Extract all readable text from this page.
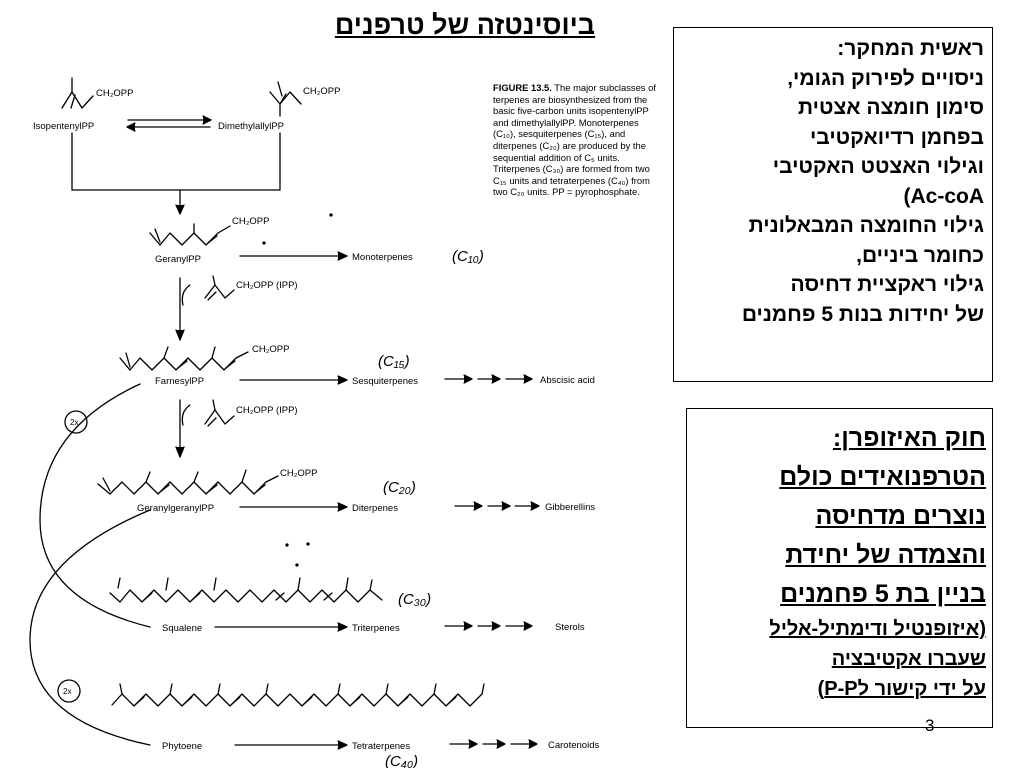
ביוסינטזה של טרפנים
CH₂OPP	CH₂OPP
IsopentenylPP	DimethylallylPP
CH₂OPP
GeranylPP	Monoterpenes
CH₂OPP (IPP)
CH₂OPP
FarnesylPP	Sesquiterpenes	Abscisic acid
CH₂OPP (IPP)
CH₂OPP
GeranylgeranylPP	Diterpenes	Gibberellins
Squalene	Triterpenes	Sterols
Phytoene	Tetraterpenes	Carotenoids
2x
2x
(C₁₀)
(C₁₅)
(C₂₀)
(C₃₀)
(C₄₀)
FIGURE 13.5. The major subclasses of
terpenes are biosynthesized from the
basic five-carbon units isopentenylPP
and dimethylallylPP. Monoterpenes
(C₁₀), sesquiterpenes (C₁₅), and
diterpenes (C₂₀) are produced by the
sequential addition of C₅ units.
Triterpenes (C₃₀) are formed from two
C₁₅ units and tetraterpenes (C₄₀) from
two C₂₀ units. PP = pyrophosphate.
ראשית המחקר:
ניסויים לפירוק הגומי,
סימון חומצה אצטית
בפחמן רדיואקטיבי
וגילוי האצטט האקטיבי
Ac-coA)
גילוי החומצה המבאלונית
כחומר ביניים,
גילוי ראקציית דחיסה
של יחידות בנות 5 פחמנים
חוק האיזופרן:
הטרפנואידים כולם
נוצרים מדחיסה
והצמדה של יחידת
בניין בת 5 פחמנים
(איזופנטיל ודימתיל-אליל
שעברו אקטיבציה
על ידי קישור לP-P)
3
